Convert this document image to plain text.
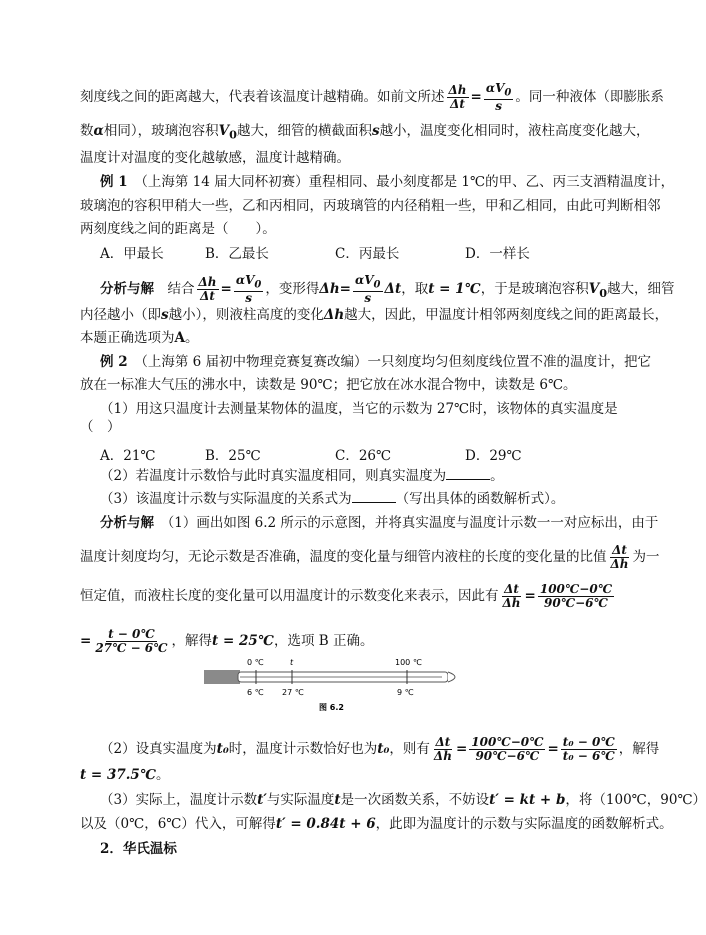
刻度线之间的距离越大，代表着该温度计越精确。如前文所述 $\frac{\Delta h}{\Delta t} = \frac{\alpha V_0}{s}$ 。同一种液体（即膨胀系
数α相同），玻璃泡容积$V_0$越大，细管的横截面积s越小，温度变化相同时，液柱高度变化越大，
温度计对温度的变化越敏感，温度计越精确。
例 1　 （上海第 14 届大同杯初赛）重程相同、最小刻度都是 1℃的甲、乙、丙三支酒精温度计，
玻璃泡的容积甲稍大一些，乙和丙相同，丙玻璃管的内径稍粗一些，甲和乙相同，由此可判断相邻
两刻度线之间的距离是（　　）。
A．甲最长	B．乙最长	C．丙最长	D．一样长
分析与解　 结合 $\frac{\Delta h}{\Delta t} = \frac{\alpha V_0}{s}$ ，变形得$\Delta h= \frac{\alpha V_0}{s}$ Δt，取t = 1℃，于是玻璃泡容积$V_0$越大，细管
内径越小（即s越小），则液柱高度的变化Δh越大，因此，甲温度计相邻两刻度线之间的距离最长，
本题正确选项为A。
例 2　 （上海第 6 届初中物理竞赛复赛改编）一只刻度均匀但刻度线位置不准的温度计，把它
放在一标准大气压的沸水中，读数是 90℃；把它放在冰水混合物中，读数是 6℃。
（1）用这只温度计去测量某物体的温度，当它的示数为 27℃时，该物体的真实温度是
（　）
A．21℃	B．25℃	C．26℃	D．29℃
（2）若温度计示数恰与此时真实温度相同，则真实温度为	。
（3）该温度计示数与实际温度的关系式为	（写出具体的函数解析式）。
分析与解　 （1）画出如图 6.2 所示的示意图，并将真实温度与温度计示数一一对应标出，由于
温度计刻度均匀，无论示数是否准确，温度的变化量与细管内液柱的长度的变化量的比值 $\frac{\Delta t}{\Delta h}$ 为一
恒定值，而液柱长度的变化量可以用温度计的示数变化来表示，因此有 $\frac{\Delta t}{\Delta h} = \frac{100℃-0℃}{90℃-6℃}$
= $\frac{t - 0℃}{27℃ - 6℃}$ ，解得t = 25℃，选项 B 正确。
0 ℃	t	100 ℃
6 ℃ 27 ℃	9 ℃
图 6.2
（2）设真实温度为t₀时，温度计示数恰好也为t₀，则有 $\frac{\Delta t}{\Delta h} = \frac{100℃-0℃}{90℃-6℃} = \frac{\text{t₀ − 0℃}}{\text{t₀ − 6℃}}$ ，解得
t = 37.5℃。
（3）实际上，温度计示数t′与实际温度t是一次函数关系，不妨设t′ = kt + b，将（100℃，90℃）
以及（0℃，6℃）代入，可解得t′ = 0.84t + 6，此即为温度计的示数与实际温度的函数解析式。
2．华氏温标
